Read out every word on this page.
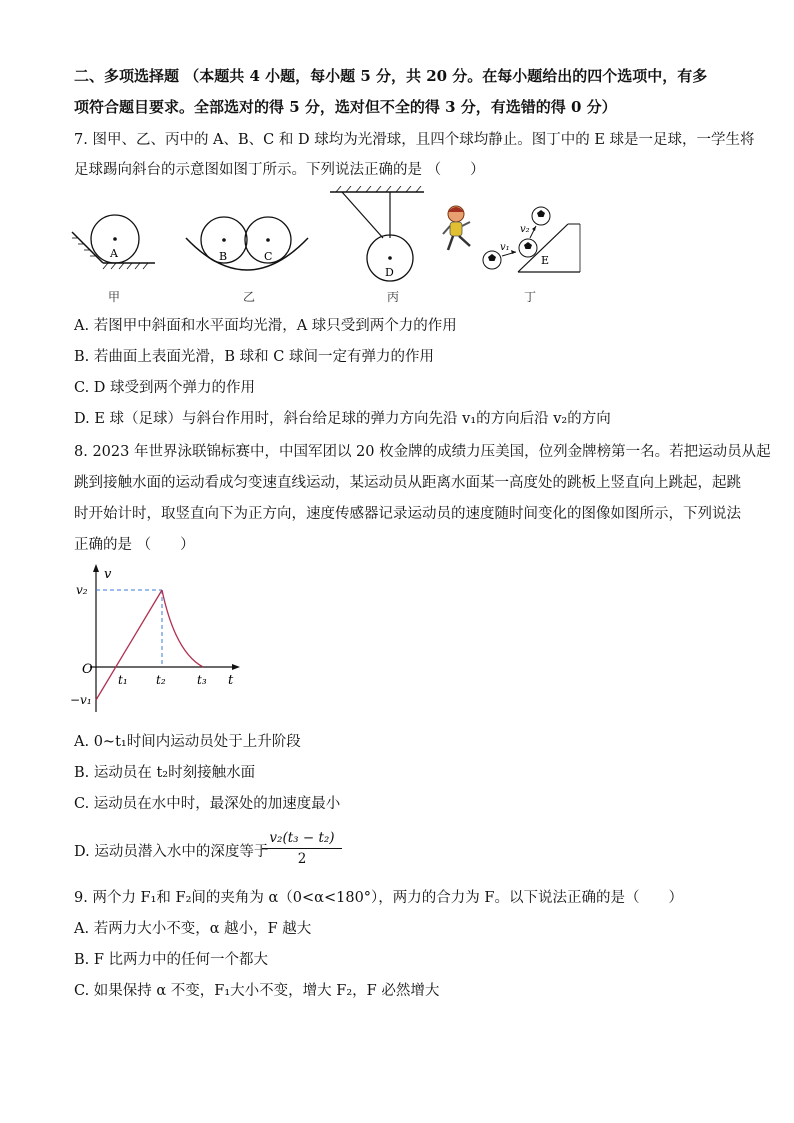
二、多项选择题 （本题共 4 小题，每小题 5 分，共 20 分。在每小题给出的四个选项中，有多
项符合题目要求。全部选对的得 5 分，选对但不全的得 3 分，有选错的得 0 分）
7. 图甲、乙、丙中的 A、B、C 和 D 球均为光滑球，且四个球均静止。图丁中的 E 球是一足球，一学生将
足球踢向斜台的示意图如图丁所示。下列说法正确的是 （　　）
A
甲
B	C
乙
D
丙
v₁
v₂
E
丁
A. 若图甲中斜面和水平面均光滑，A 球只受到两个力的作用
B. 若曲面上表面光滑，B 球和 C 球间一定有弹力的作用
C. D 球受到两个弹力的作用
D. E 球（足球）与斜台作用时，斜台给足球的弹力方向先沿 v₁的方向后沿 v₂的方向
8. 2023 年世界泳联锦标赛中，中国军团以 20 枚金牌的成绩力压美国，位列金牌榜第一名。若把运动员从起
跳到接触水面的运动看成匀变速直线运动，某运动员从距离水面某一高度处的跳板上竖直向上跳起，起跳
时开始计时，取竖直向下为正方向，速度传感器记录运动员的速度随时间变化的图像如图所示，下列说法
正确的是 （　　）
v
t
O
v₂
−v₁
t₁ t₂	t₃
A. 0~t₁时间内运动员处于上升阶段
B. 运动员在 t₂时刻接触水面
C. 运动员在水中时，最深处的加速度最小
D. 运动员潜入水中的深度等于
$\frac{\text{v₂(t₃ − t₂)}}{2}$
9. 两个力 F₁和 F₂间的夹角为 α（0<α<180°），两力的合力为 F。以下说法正确的是（　　）
A. 若两力大小不变，α 越小，F 越大
B. F 比两力中的任何一个都大
C. 如果保持 α 不变，F₁大小不变，增大 F₂，F 必然增大
